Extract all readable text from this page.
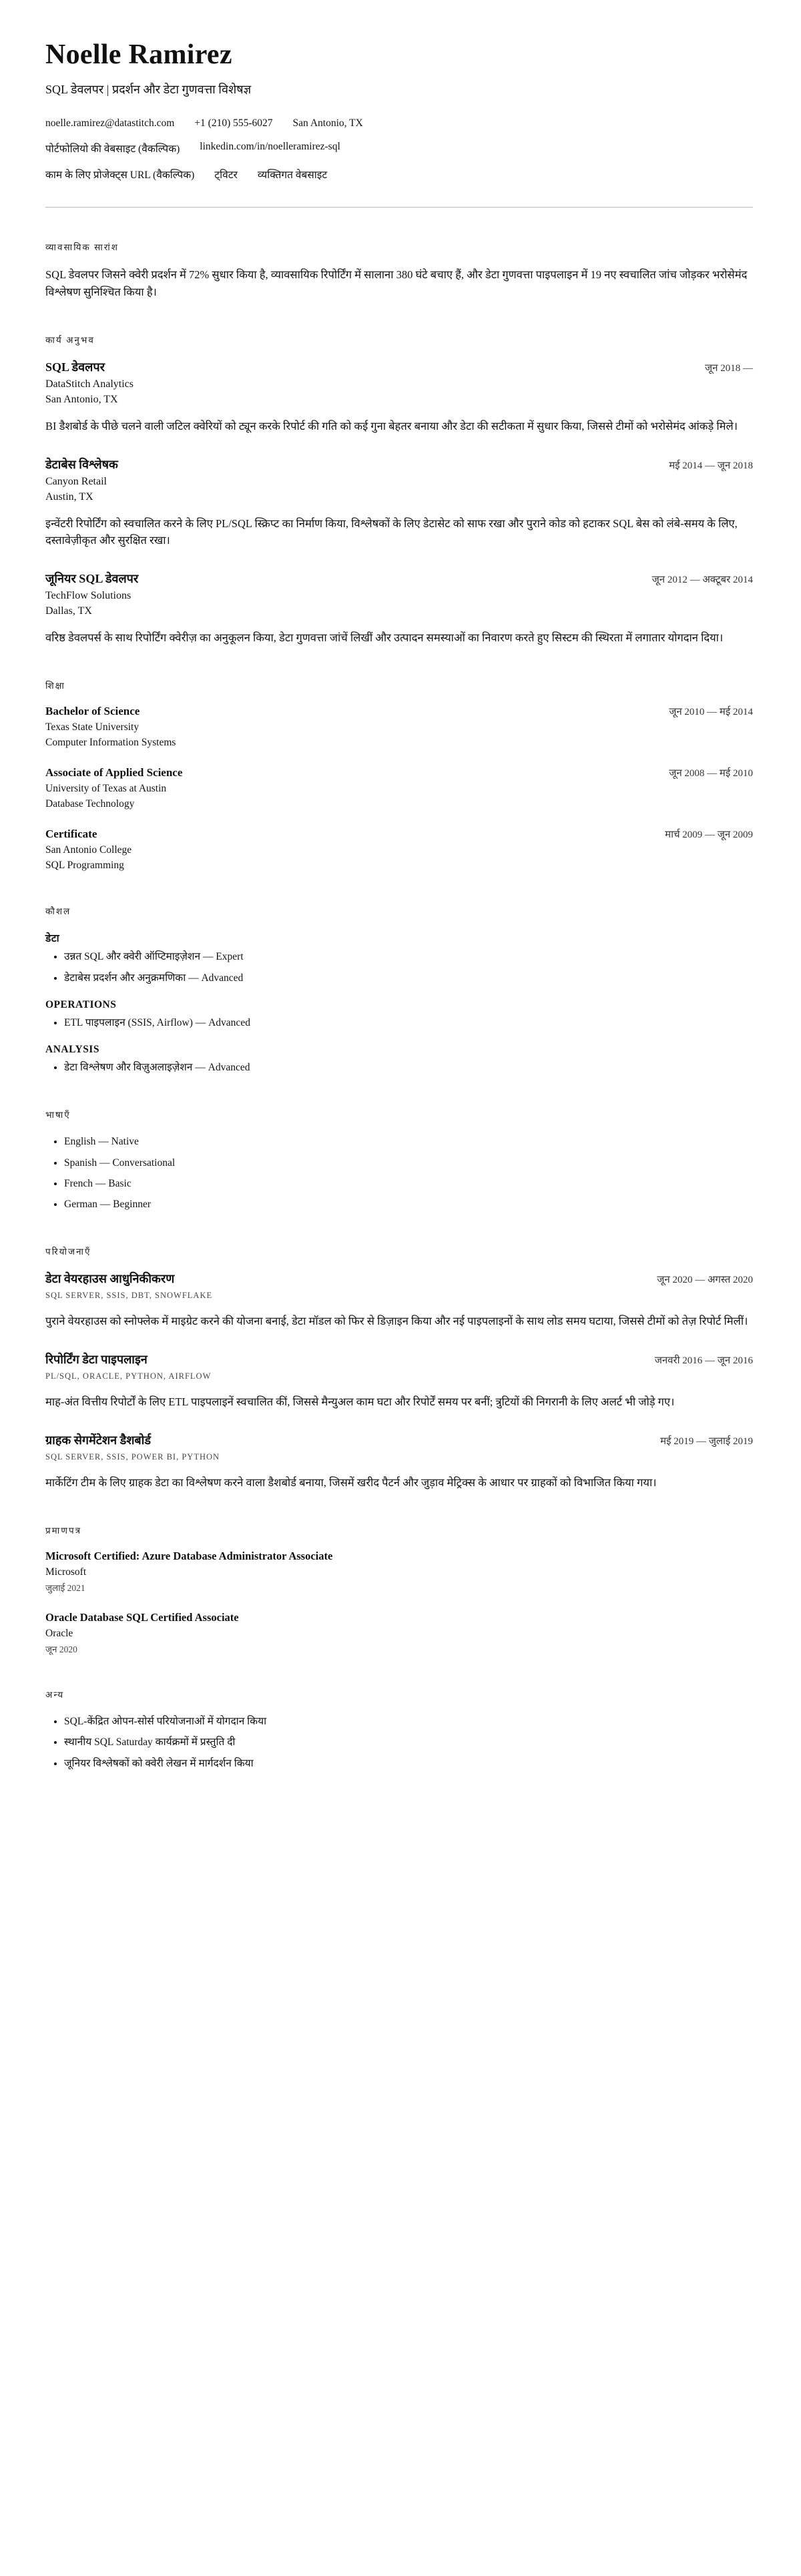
Noelle Ramirez

SQL डेवलपर | प्रदर्शन और डेटा गुणवत्ता विशेषज्ञ

noelle.ramirez@datastitch.com +1 (210) 555-6027 San Antonio, TX
पोर्टफोलियो की वेबसाइट (वैकल्पिक) linkedin.com/in/noelleramirez-sql
काम के लिए प्रोजेक्ट्स URL (वैकल्पिक) ट्विटर व्यक्तिगत वेबसाइट
व्यावसायिक सारांश

SQL डेवलपर जिसने क्वेरी प्रदर्शन में 72% सुधार किया है, व्यावसायिक रिपोर्टिंग में सालाना 380 घंटे बचाए हैं, और डेटा गुणवत्ता पाइपलाइन में 19 नए स्वचालित जांच जोड़कर भरोसेमंद विश्लेषण सुनिश्चित किया है।

कार्य अनुभव
SQL डेवलपर	जून 2018 —
DataStitch Analytics
San Antonio, TX

BI डैशबोर्ड के पीछे चलने वाली जटिल क्वेरियों को ट्यून करके रिपोर्ट की गति को कई गुना बेहतर बनाया और डेटा की सटीकता में सुधार किया, जिससे टीमों को भरोसेमंद आंकड़े मिले।

डेटाबेस विश्लेषक	मई 2014 — जून 2018
Canyon Retail
Austin, TX

इन्वेंटरी रिपोर्टिंग को स्वचालित करने के लिए PL/SQL स्क्रिप्ट का निर्माण किया, विश्लेषकों के लिए डेटासेट को साफ रखा और पुराने कोड को हटाकर SQL बेस को लंबे-समय के लिए, दस्तावेज़ीकृत और सुरक्षित रखा।

जूनियर SQL डेवलपर	जून 2012 — अक्टूबर 2014
TechFlow Solutions
Dallas, TX

वरिष्ठ डेवलपर्स के साथ रिपोर्टिंग क्वेरीज़ का अनुकूलन किया, डेटा गुणवत्ता जांचें लिखीं और उत्पादन समस्याओं का निवारण करते हुए सिस्टम की स्थिरता में लगातार योगदान दिया।

शिक्षा
Bachelor of Science	जून 2010 — मई 2014
Texas State University
Computer Information Systems
Associate of Applied Science	जून 2008 — मई 2010
University of Texas at Austin
Database Technology
Certificate	मार्च 2009 — जून 2009
San Antonio College
SQL Programming
कौशल
डेटा
• उन्नत SQL और क्वेरी ऑप्टिमाइज़ेशन — Expert
• डेटाबेस प्रदर्शन और अनुक्रमणिका — Advanced
OPERATIONS
• ETL पाइपलाइन (SSIS, Airflow) — Advanced
ANALYSIS
• डेटा विश्लेषण और विज़ुअलाइज़ेशन — Advanced
भाषाएँ
• English — Native
• Spanish — Conversational
• French — Basic
• German — Beginner
परियोजनाएँ
डेटा वेयरहाउस आधुनिकीकरण	जून 2020 — अगस्त 2020
SQL SERVER, SSIS, DBT, SNOWFLAKE

पुराने वेयरहाउस को स्नोफ्लेक में माइग्रेट करने की योजना बनाई, डेटा मॉडल को फिर से डिज़ाइन किया और नई पाइपलाइनों के साथ लोड समय घटाया, जिससे टीमों को तेज़ रिपोर्ट मिलीं।

रिपोर्टिंग डेटा पाइपलाइन	जनवरी 2016 — जून 2016
PL/SQL, ORACLE, PYTHON, AIRFLOW

माह-अंत वित्तीय रिपोर्टों के लिए ETL पाइपलाइनें स्वचालित कीं, जिससे मैन्युअल काम घटा और रिपोर्टें समय पर बनीं; त्रुटियों की निगरानी के लिए अलर्ट भी जोड़े गए।

ग्राहक सेगमेंटेशन डैशबोर्ड	मई 2019 — जुलाई 2019
SQL SERVER, SSIS, POWER BI, PYTHON

मार्केटिंग टीम के लिए ग्राहक डेटा का विश्लेषण करने वाला डैशबोर्ड बनाया, जिसमें खरीद पैटर्न और जुड़ाव मेट्रिक्स के आधार पर ग्राहकों को विभाजित किया गया।

प्रमाणपत्र
Microsoft Certified: Azure Database Administrator Associate
Microsoft
जुलाई 2021
Oracle Database SQL Certified Associate
Oracle
जून 2020
अन्य
• SQL-केंद्रित ओपन-सोर्स परियोजनाओं में योगदान किया
• स्थानीय SQL Saturday कार्यक्रमों में प्रस्तुति दी
• जूनियर विश्लेषकों को क्वेरी लेखन में मार्गदर्शन किया
